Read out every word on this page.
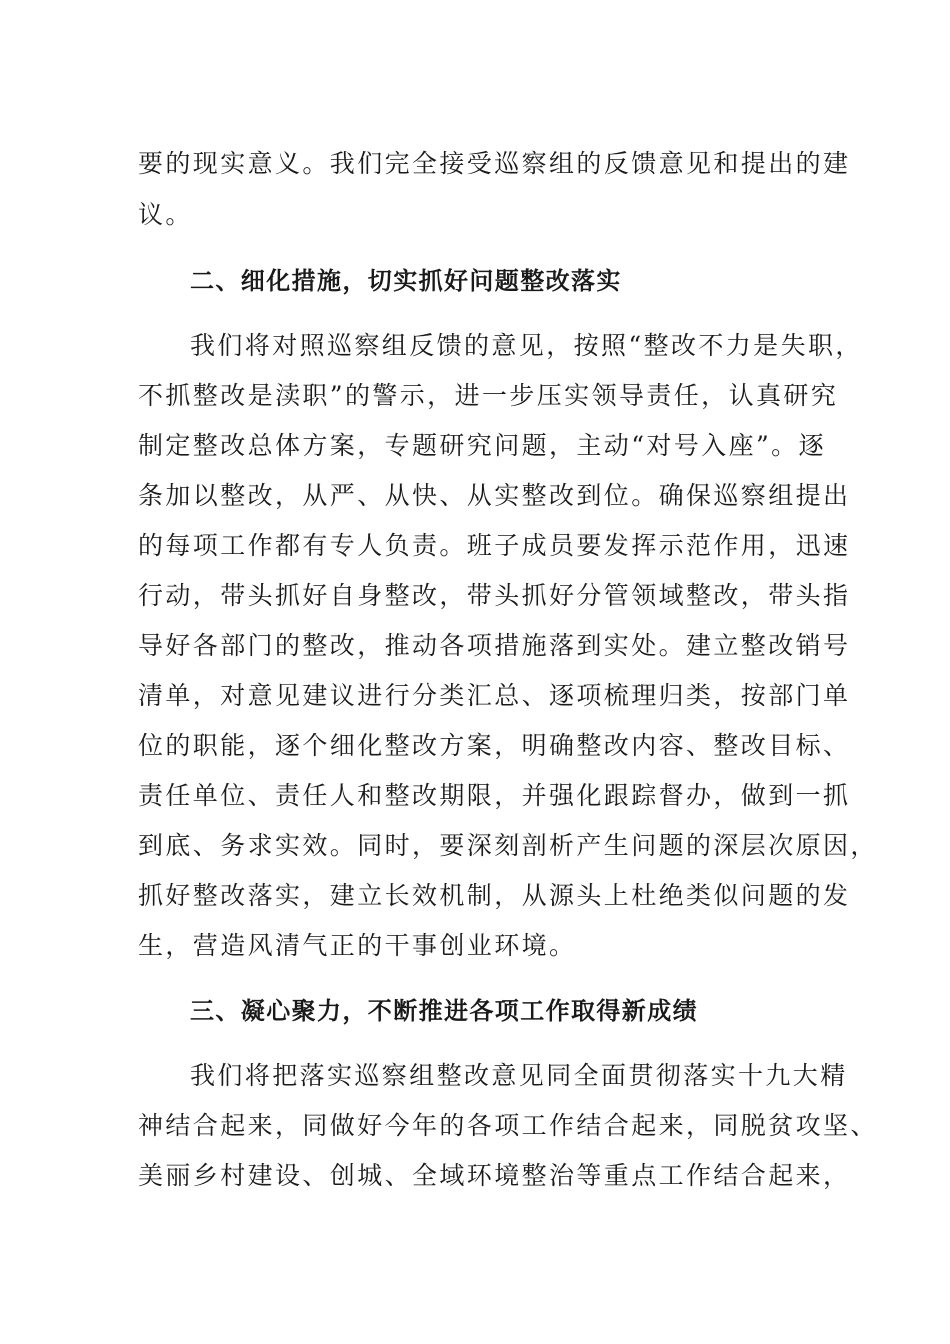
要的现实意义。我们完全接受巡察组的反馈意见和提出的建
议。
二、细化措施，切实抓好问题整改落实
我们将对照巡察组反馈的意见，按照“整改不力是失职，
不抓整改是渎职”的警示，进一步压实领导责任，认真研究
制定整改总体方案，专题研究问题，主动“对号入座”。逐
条加以整改，从严、从快、从实整改到位。确保巡察组提出
的每项工作都有专人负责。班子成员要发挥示范作用，迅速
行动，带头抓好自身整改，带头抓好分管领域整改，带头指
导好各部门的整改，推动各项措施落到实处。建立整改销号
清单，对意见建议进行分类汇总、逐项梳理归类，按部门单
位的职能，逐个细化整改方案，明确整改内容、整改目标、
责任单位、责任人和整改期限，并强化跟踪督办，做到一抓
到底、务求实效。同时，要深刻剖析产生问题的深层次原因，
抓好整改落实，建立长效机制，从源头上杜绝类似问题的发
生，营造风清气正的干事创业环境。
三、凝心聚力，不断推进各项工作取得新成绩
我们将把落实巡察组整改意见同全面贯彻落实十九大精
神结合起来，同做好今年的各项工作结合起来，同脱贫攻坚、
美丽乡村建设、创城、全域环境整治等重点工作结合起来，
